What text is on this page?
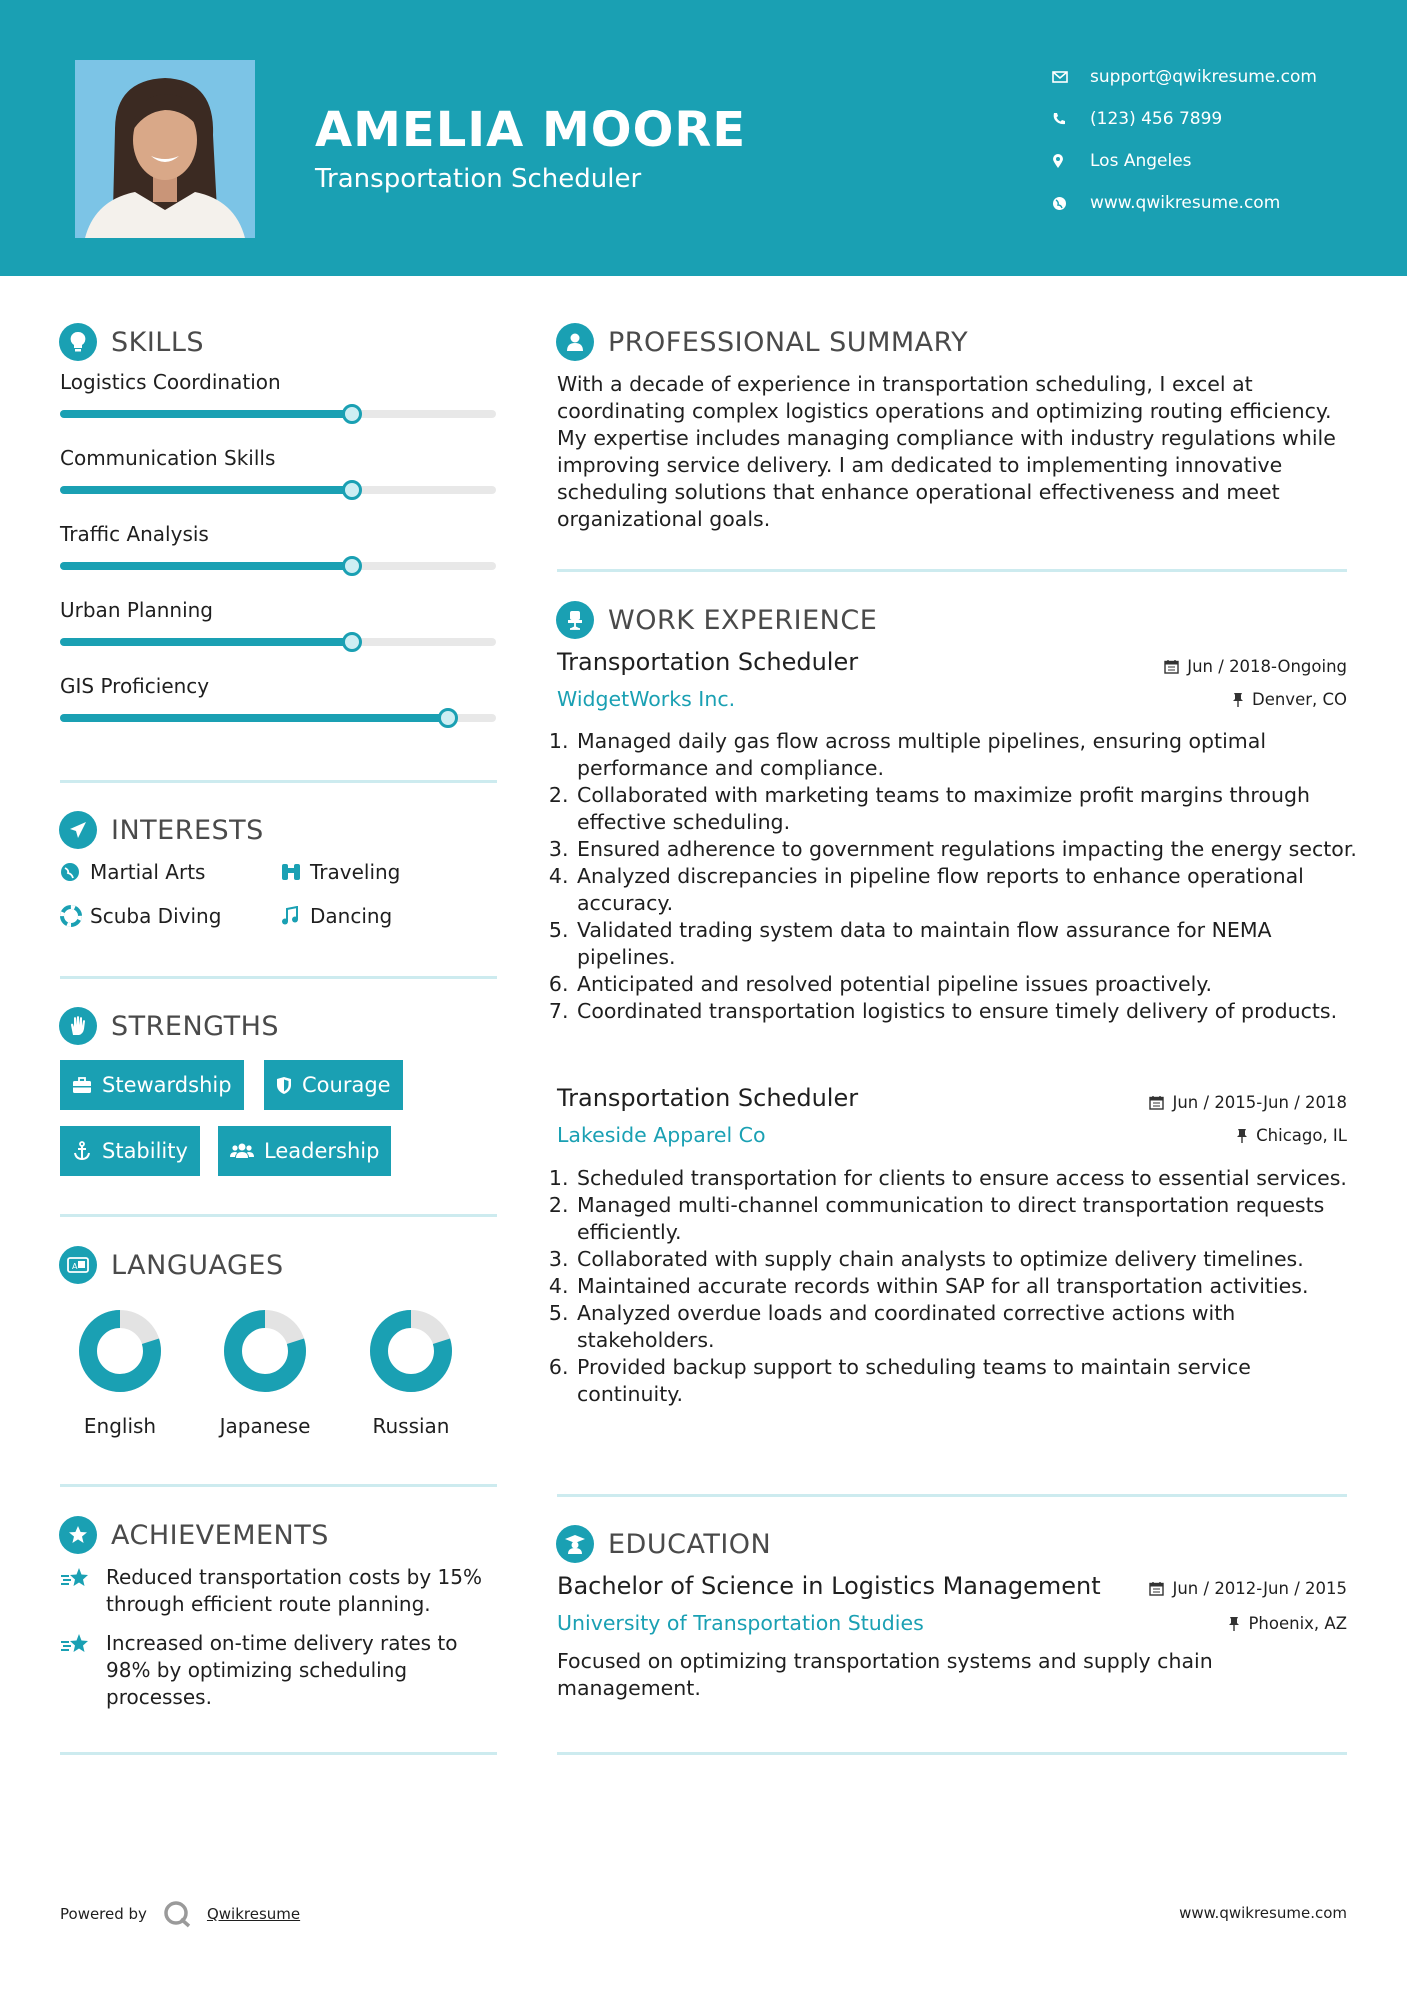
AMELIA MOORE
Transportation Scheduler
support@qwikresume.com
(123) 456 7899
Los Angeles
www.qwikresume.com
SKILLS
Logistics Coordination
Communication Skills
Traffic Analysis
Urban Planning
GIS Proficiency
INTERESTS
Martial Arts	Traveling
Scuba Diving	Dancing
STRENGTHS
Stewardship	Courage
Stability	Leadership
A LANGUAGES
English	Japanese	Russian
ACHIEVEMENTS
Reduced transportation costs by 15% through efficient route planning.
Increased on-time delivery rates to 98% by optimizing scheduling processes.
PROFESSIONAL SUMMARY
With a decade of experience in transportation scheduling, I excel at coordinating complex logistics operations and optimizing routing efficiency. My expertise includes managing compliance with industry regulations while improving service delivery. I am dedicated to implementing innovative scheduling solutions that enhance operational effectiveness and meet organizational goals.
WORK EXPERIENCE
Transportation Scheduler
WidgetWorks Inc.
Jun / 2018-Ongoing
Denver, CO
1. Managed daily gas flow across multiple pipelines, ensuring optimal performance and compliance.
2. Collaborated with marketing teams to maximize profit margins through effective scheduling.
3. Ensured adherence to government regulations impacting the energy sector.
4. Analyzed discrepancies in pipeline flow reports to enhance operational accuracy.
5. Validated trading system data to maintain flow assurance for NEMA pipelines.
6. Anticipated and resolved potential pipeline issues proactively.
7. Coordinated transportation logistics to ensure timely delivery of products.
Transportation Scheduler
Lakeside Apparel Co
Jun / 2015-Jun / 2018
Chicago, IL
1. Scheduled transportation for clients to ensure access to essential services.
2. Managed multi-channel communication to direct transportation requests efficiently.
3. Collaborated with supply chain analysts to optimize delivery timelines.
4. Maintained accurate records within SAP for all transportation activities.
5. Analyzed overdue loads and coordinated corrective actions with stakeholders.
6. Provided backup support to scheduling teams to maintain service continuity.
EDUCATION
Bachelor of Science in Logistics Management
University of Transportation Studies
Jun / 2012-Jun / 2015
Phoenix, AZ
Focused on optimizing transportation systems and supply chain management.
Powered by	Qwikresume	www.qwikresume.com
